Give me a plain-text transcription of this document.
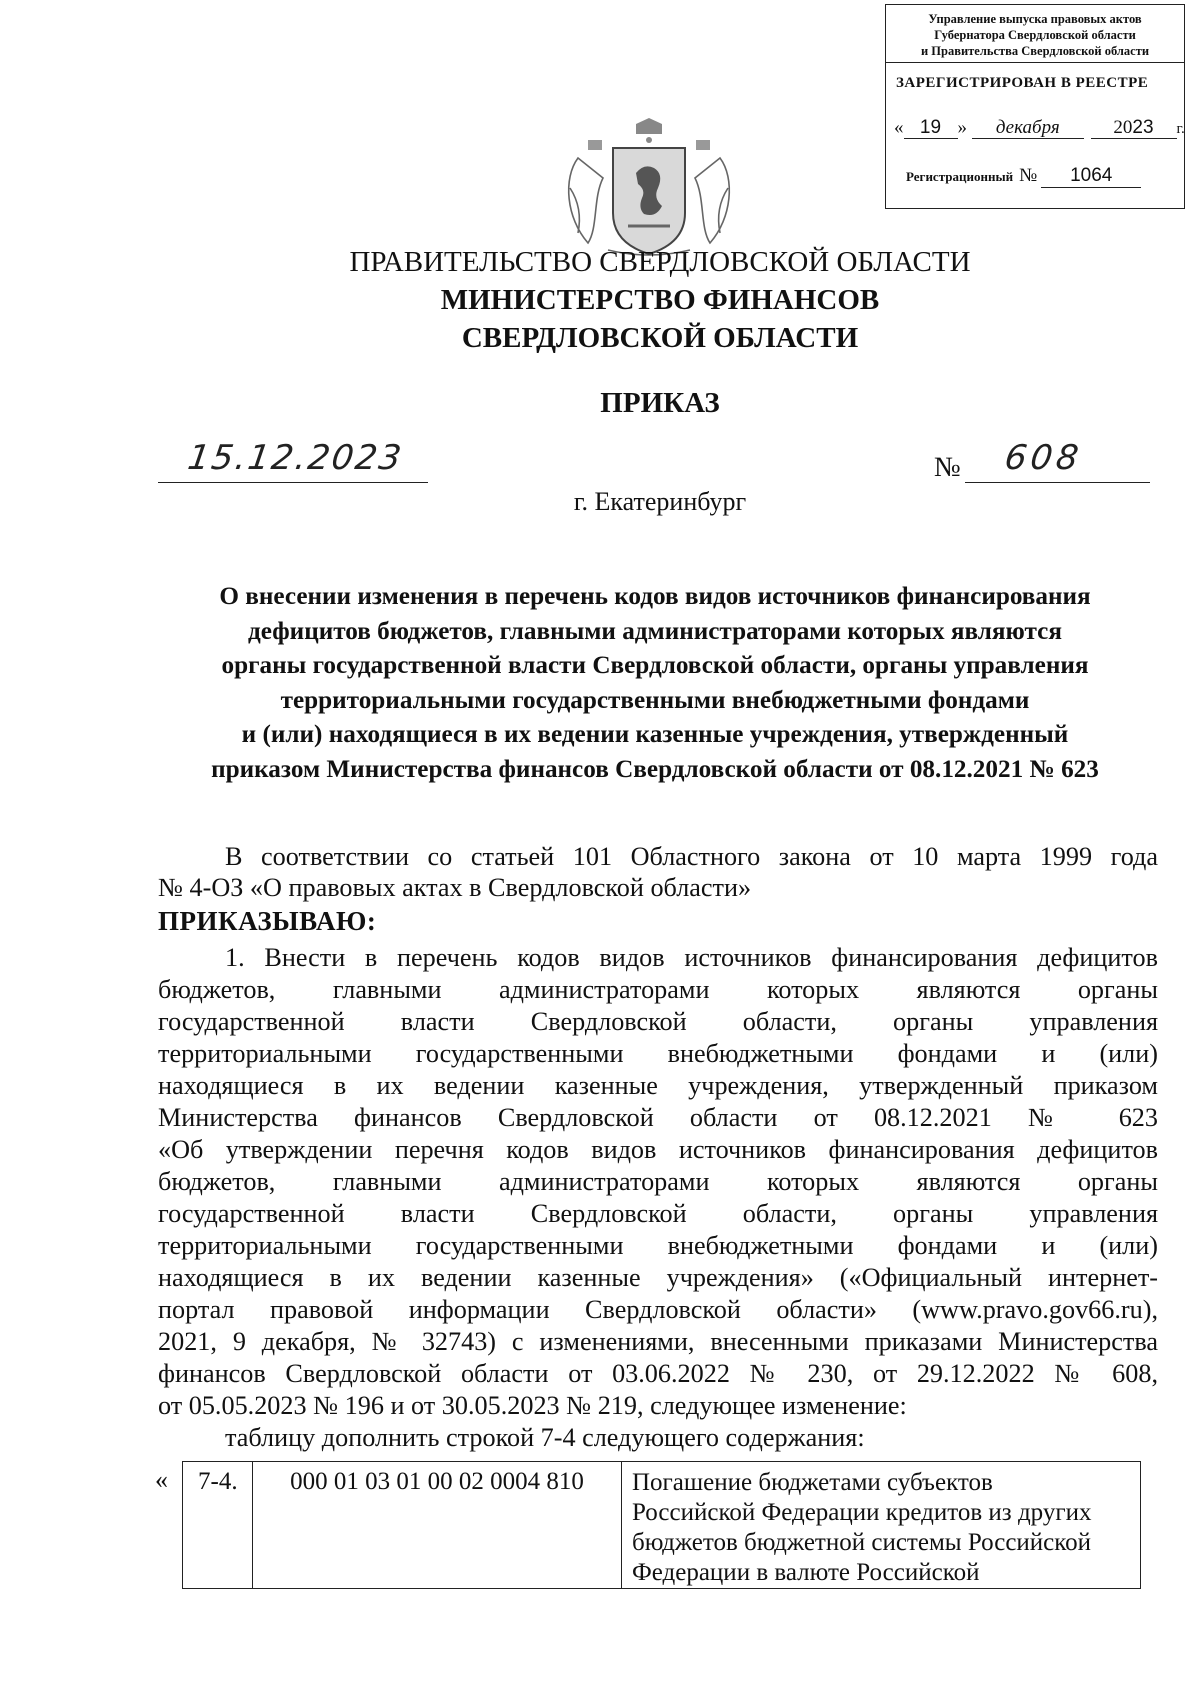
Управление выпуска правовых актов
Губернатора Свердловской области
и Правительства Свердловской области
ЗАРЕГИСТРИРОВАН В РЕЕСТРЕ
« 19 » декабря	2023 г.
Регистрационный № 1064
ПРАВИТЕЛЬСТВО СВЕРДЛОВСКОЙ ОБЛАСТИ
МИНИСТЕРСТВО ФИНАНСОВ
СВЕРДЛОВСКОЙ ОБЛАСТИ
ПРИКАЗ
15.12.2023	№ 608
г. Екатеринбург
О внесении изменения в перечень кодов видов источников финансирования
дефицитов бюджетов, главными администраторами которых являются
органы государственной власти Свердловской области, органы управления
территориальными государственными внебюджетными фондами
и (или) находящиеся в их ведении казенные учреждения, утвержденный
приказом Министерства финансов Свердловской области от 08.12.2021 № 623
В соответствии со статьей 101 Областного закона от 10 марта 1999 года
№ 4-ОЗ «О правовых актах в Свердловской области»
ПРИКАЗЫВАЮ:
1. Внести в перечень кодов видов источников финансирования дефицитов
бюджетов, главными администраторами которых являются органы
государственной власти Свердловской области, органы управления
территориальными государственными внебюджетными фондами и (или)
находящиеся в их ведении казенные учреждения, утвержденный приказом
Министерства финансов Свердловской области от 08.12.2021 № 623
«Об утверждении перечня кодов видов источников финансирования дефицитов
бюджетов, главными администраторами которых являются органы
государственной власти Свердловской области, органы управления
территориальными государственными внебюджетными фондами и (или)
находящиеся в их ведении казенные учреждения» («Официальный интернет-
портал правовой информации Свердловской области» (www.pravo.gov66.ru),
2021, 9 декабря, № 32743) с изменениями, внесенными приказами Министерства
финансов Свердловской области от 03.06.2022 № 230, от 29.12.2022 № 608,
от 05.05.2023 № 196 и от 30.05.2023 № 219, следующее изменение:
таблицу дополнить строкой 7-4 следующего содержания:
« 7-4.	000 01 03 01 00 02 0004 810	Погашение бюджетами субъектов
Российской Федерации кредитов из других
бюджетов бюджетной системы Российской
Федерации в валюте Российской
